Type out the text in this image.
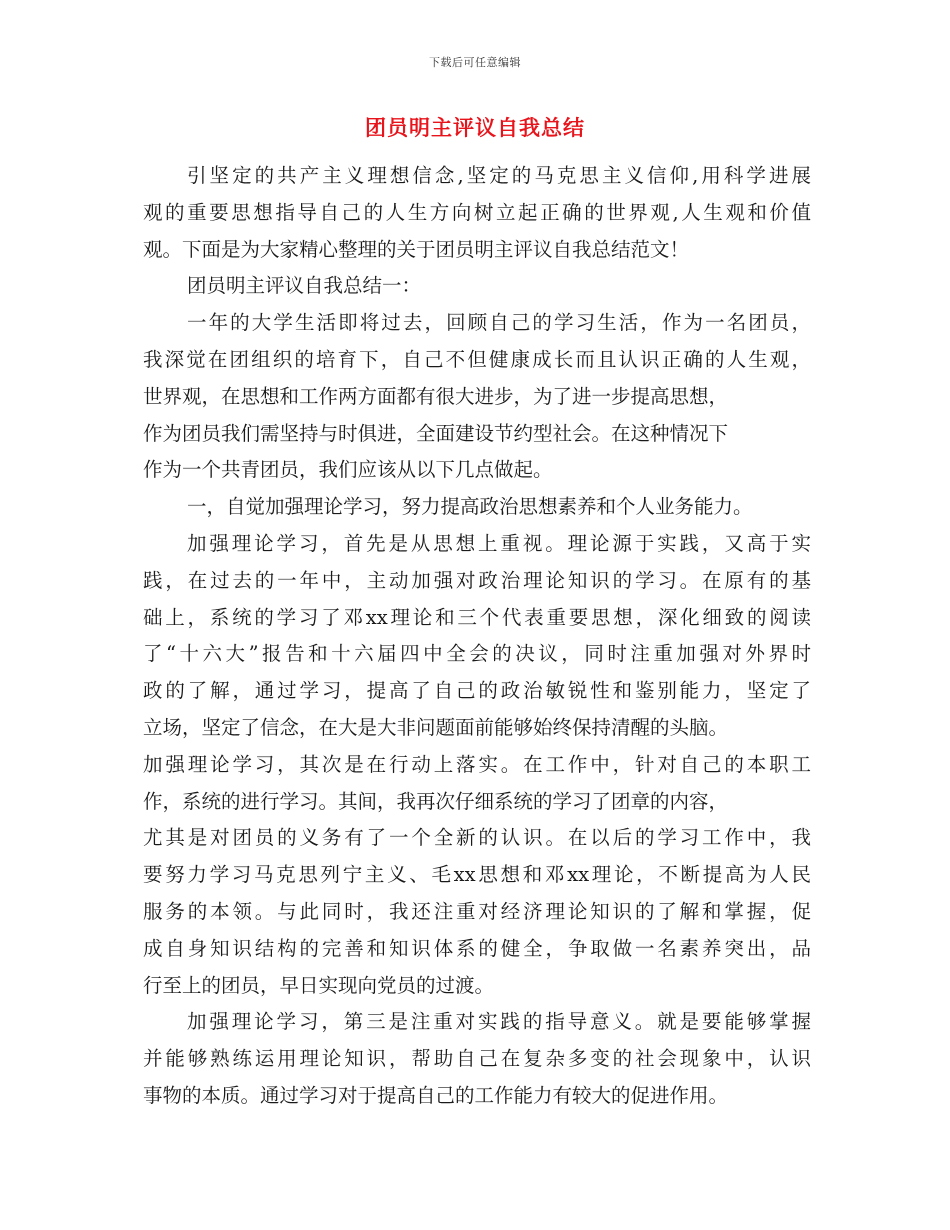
下载后可任意编辑
团员明主评议自我总结
引坚定的共产主义理想信念,坚定的马克思主义信仰,用科学进展
观的重要思想指导自己的人生方向树立起正确的世界观,人生观和价值
观。下面是为大家精心整理的关于团员明主评议自我总结范文！
团员明主评议自我总结一：
一年的大学生活即将过去，回顾自己的学习生活，作为一名团员，
我深觉在团组织的培育下，自己不但健康成长而且认识正确的人生观，
世界观，在思想和工作两方面都有很大进步，为了进一步提高思想，
作为团员我们需坚持与时俱进，全面建设节约型社会。在这种情况下
作为一个共青团员，我们应该从以下几点做起。
一，自觉加强理论学习，努力提高政治思想素养和个人业务能力。
加强理论学习，首先是从思想上重视。理论源于实践，又高于实
践，在过去的一年中，主动加强对政治理论知识的学习。在原有的基
础上，系统的学习了邓xx理论和三个代表重要思想，深化细致的阅读
了“十六大”报告和十六届四中全会的决议，同时注重加强对外界时
政的了解，通过学习，提高了自己的政治敏锐性和鉴别能力，坚定了
立场，坚定了信念，在大是大非问题面前能够始终保持清醒的头脑。
加强理论学习，其次是在行动上落实。在工作中，针对自己的本职工
作，系统的进行学习。其间，我再次仔细系统的学习了团章的内容，
尤其是对团员的义务有了一个全新的认识。在以后的学习工作中，我
要努力学习马克思列宁主义、毛xx思想和邓xx理论，不断提高为人民
服务的本领。与此同时，我还注重对经济理论知识的了解和掌握，促
成自身知识结构的完善和知识体系的健全，争取做一名素养突出，品
行至上的团员，早日实现向党员的过渡。
加强理论学习，第三是注重对实践的指导意义。就是要能够掌握
并能够熟练运用理论知识，帮助自己在复杂多变的社会现象中，认识
事物的本质。通过学习对于提高自己的工作能力有较大的促进作用。
